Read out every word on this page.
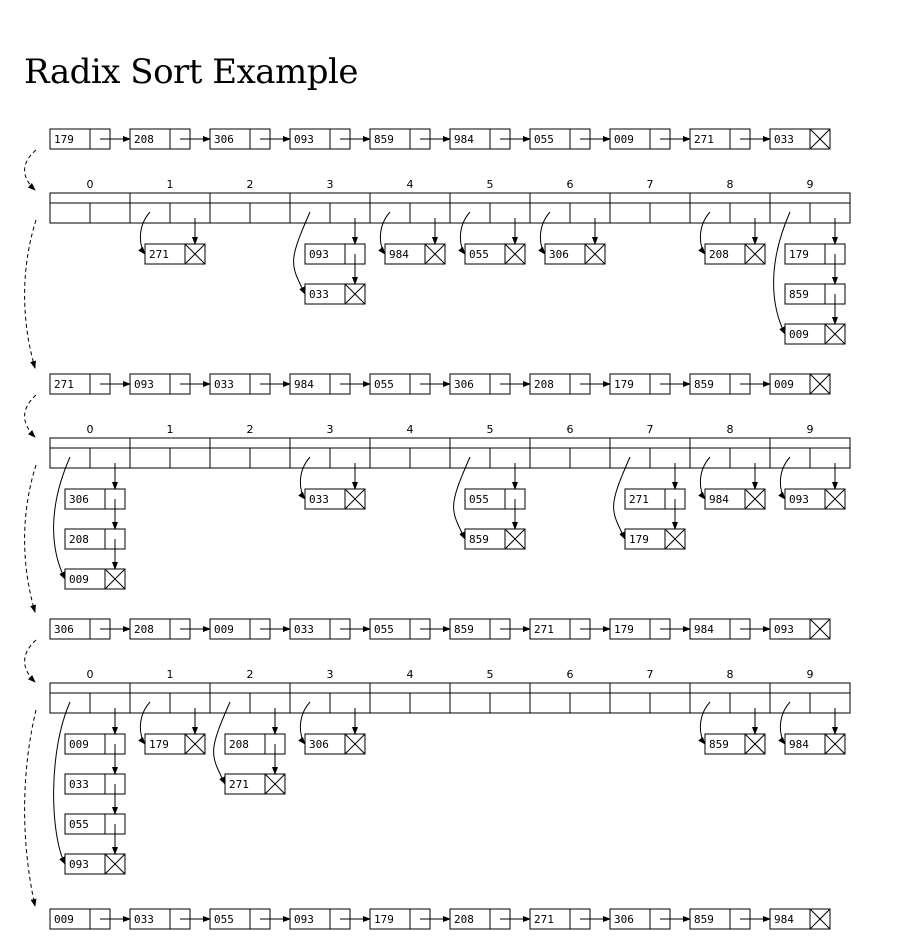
Radix Sort Example
179	208	306	093	859	984	055	009	271	033
271	093	033	984	055	306	208	179	859	009
306	208	009	033	055	859	271	179	984	093
009	033	055	093	179	208	271	306	859	984
0	1	2	3	4	5	6	7	8	9
271	093
033
984	055	306	208	179
859
009
0	1	2	3	4	5	6	7	8	9
306
208
009
033	055
859
271
179
984	093
0	1	2	3	4	5	6	7	8	9
009
033
055
093
179	208
271
306	859	984
